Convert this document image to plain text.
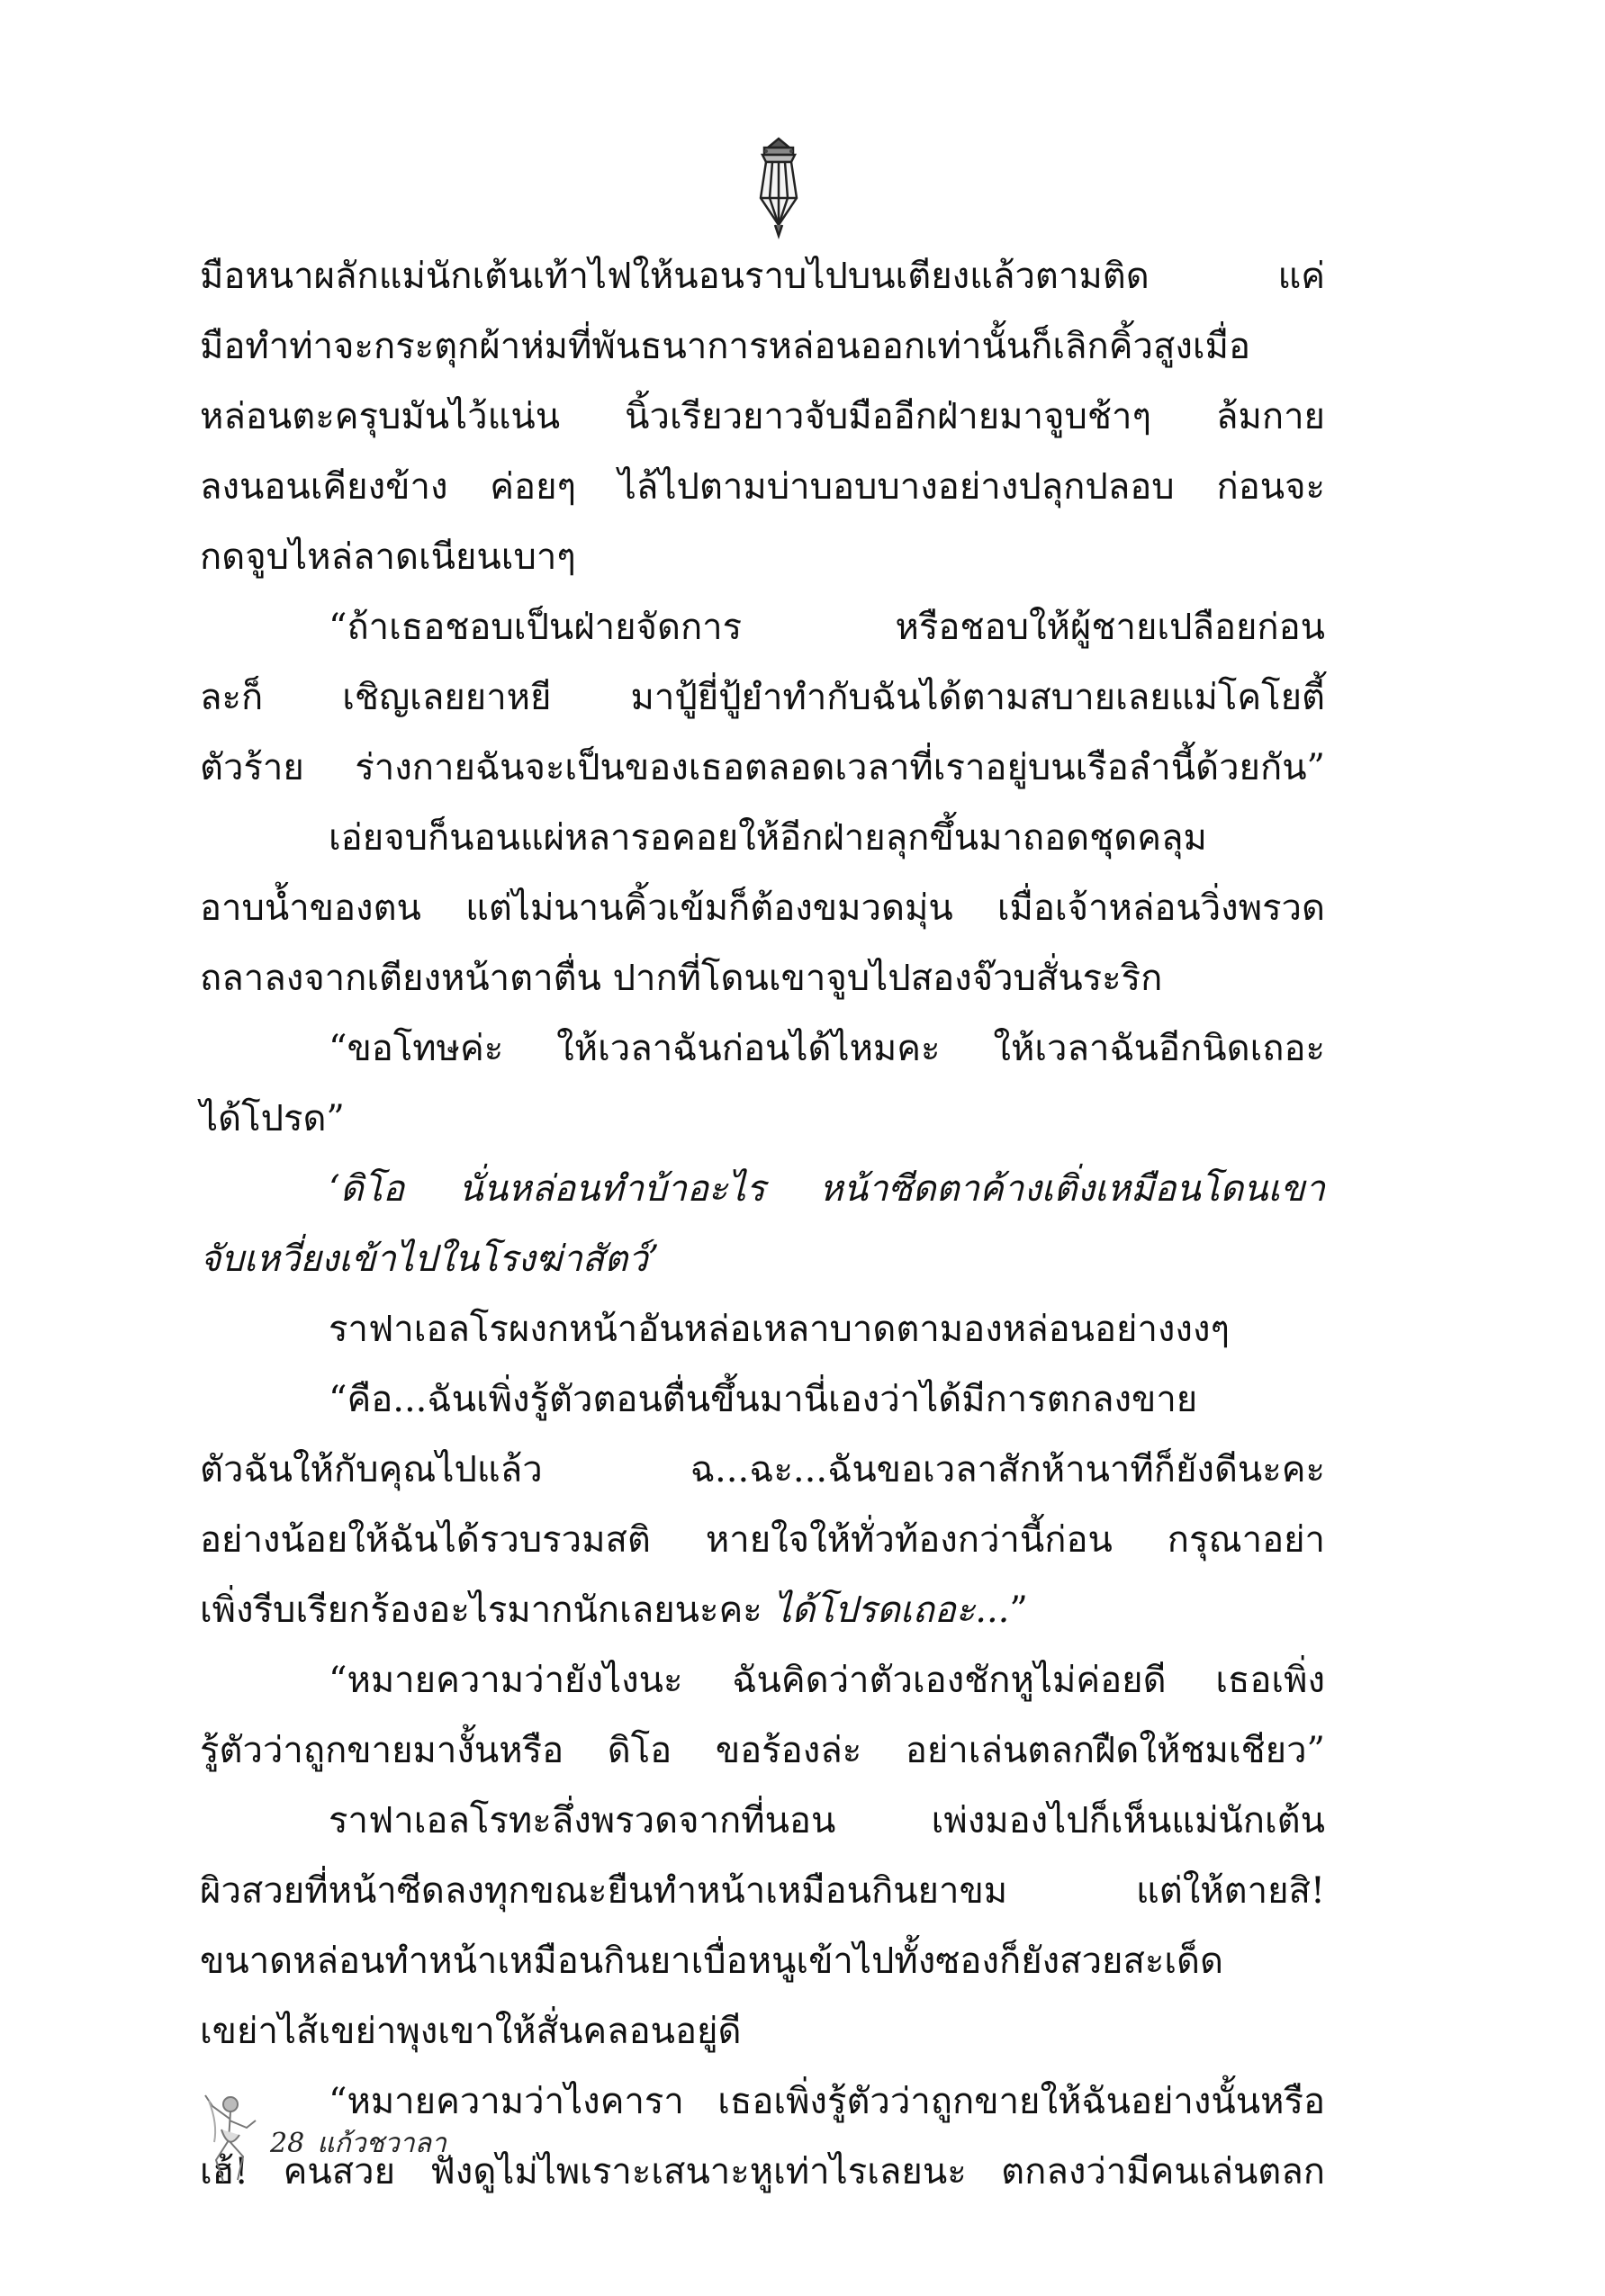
มือหนาผลักแม่นักเต้นเท้าไฟให้นอนราบไปบนเตียงแล้วตามติด แค่
มือทำท่าจะกระตุกผ้าห่มที่พันธนาการหล่อนออกเท่านั้นก็เลิกคิ้วสูงเมื่อ
หล่อนตะครุบมันไว้แน่น นิ้วเรียวยาวจับมืออีกฝ่ายมาจูบช้าๆ ล้มกาย
ลงนอนเคียงข้าง ค่อยๆ ไล้ไปตามบ่าบอบบางอย่างปลุกปลอบ ก่อนจะ
กดจูบไหล่ลาดเนียนเบาๆ
“ถ้าเธอชอบเป็นฝ่ายจัดการ หรือชอบให้ผู้ชายเปลือยก่อน
ละก็ เชิญเลยยาหยี มาปู้ยี่ปู้ยำทำกับฉันได้ตามสบายเลยแม่โคโยตี้
ตัวร้าย ร่างกายฉันจะเป็นของเธอตลอดเวลาที่เราอยู่บนเรือลำนี้ด้วยกัน”
เอ่ยจบก็นอนแผ่หลารอคอยให้อีกฝ่ายลุกขึ้นมาถอดชุดคลุม
อาบน้ำของตน แต่ไม่นานคิ้วเข้มก็ต้องขมวดมุ่น เมื่อเจ้าหล่อนวิ่งพรวด
ถลาลงจากเตียงหน้าตาตื่น ปากที่โดนเขาจูบไปสองจ๊วบสั่นระริก
“ขอโทษค่ะ ให้เวลาฉันก่อนได้ไหมคะ ให้เวลาฉันอีกนิดเถอะ
ได้โปรด”
‘ดิโอ นั่นหล่อนทำบ้าอะไร หน้าซีดตาค้างเติ่งเหมือนโดนเขา
จับเหวี่ยงเข้าไปในโรงฆ่าสัตว์’
ราฟาเอลโรผงกหน้าอันหล่อเหลาบาดตามองหล่อนอย่างงงๆ
“คือ...ฉันเพิ่งรู้ตัวตอนตื่นขึ้นมานี่เองว่าได้มีการตกลงขาย
ตัวฉันให้กับคุณไปแล้ว ฉ...ฉะ...ฉันขอเวลาสักห้านาทีก็ยังดีนะคะ
อย่างน้อยให้ฉันได้รวบรวมสติ หายใจให้ทั่วท้องกว่านี้ก่อน กรุณาอย่า
เพิ่งรีบเรียกร้องอะไรมากนักเลยนะคะ ได้โปรดเถอะ...”
“หมายความว่ายังไงนะ ฉันคิดว่าตัวเองชักหูไม่ค่อยดี เธอเพิ่ง
รู้ตัวว่าถูกขายมางั้นหรือ ดิโอ ขอร้องล่ะ อย่าเล่นตลกฝืดให้ชมเชียว”
ราฟาเอลโรทะลึ่งพรวดจากที่นอน เพ่งมองไปก็เห็นแม่นักเต้น
ผิวสวยที่หน้าซีดลงทุกขณะยืนทำหน้าเหมือนกินยาขม แต่ให้ตายสิ!
ขนาดหล่อนทำหน้าเหมือนกินยาเบื่อหนูเข้าไปทั้งซองก็ยังสวยสะเด็ด
เขย่าไส้เขย่าพุงเขาให้สั่นคลอนอยู่ดี
“หมายความว่าไงคารา เธอเพิ่งรู้ตัวว่าถูกขายให้ฉันอย่างนั้นหรือ
เฮ้! คนสวย ฟังดูไม่ไพเราะเสนาะหูเท่าไรเลยนะ ตกลงว่ามีคนเล่นตลก
28 แก้วชวาลา
